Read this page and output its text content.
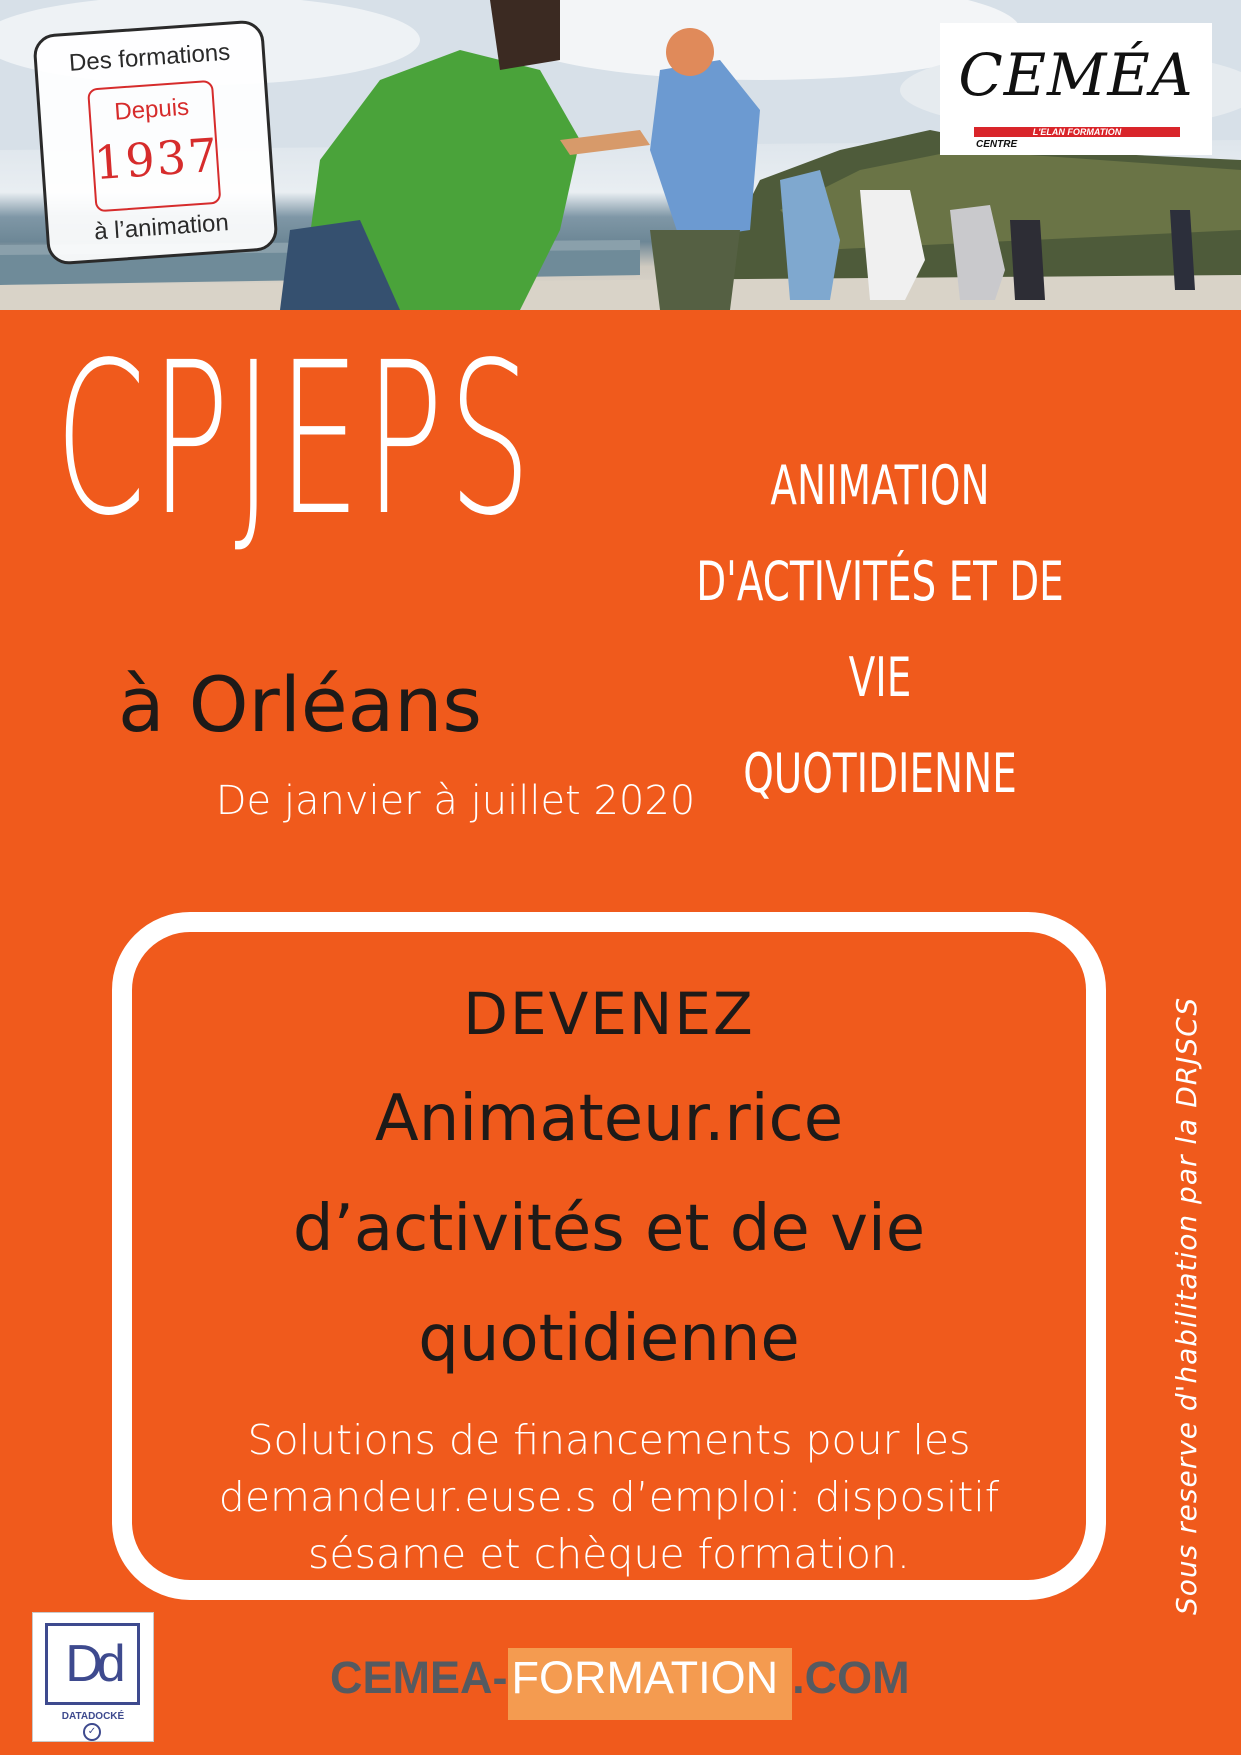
Des formations
Depuis
1937
à l’animation
CEMÉA
L'ELAN FORMATION
CENTRE
CPJEPS
à Orléans
ANIMATION
D'ACTIVITÉS ET DE VIE
QUOTIDIENNE
De janvier à juillet 2020
DEVENEZ
Animateur.rice
d’activités et de vie
quotidienne
Solutions de financements pour les
demandeur.euse.s d’emploi: dispositif
sésame et chèque formation.	Sous reserve d'habilitation par la DRJSCS
Dd
DATADOCKÉ
✓
CEMEA-FORMATION .COM
